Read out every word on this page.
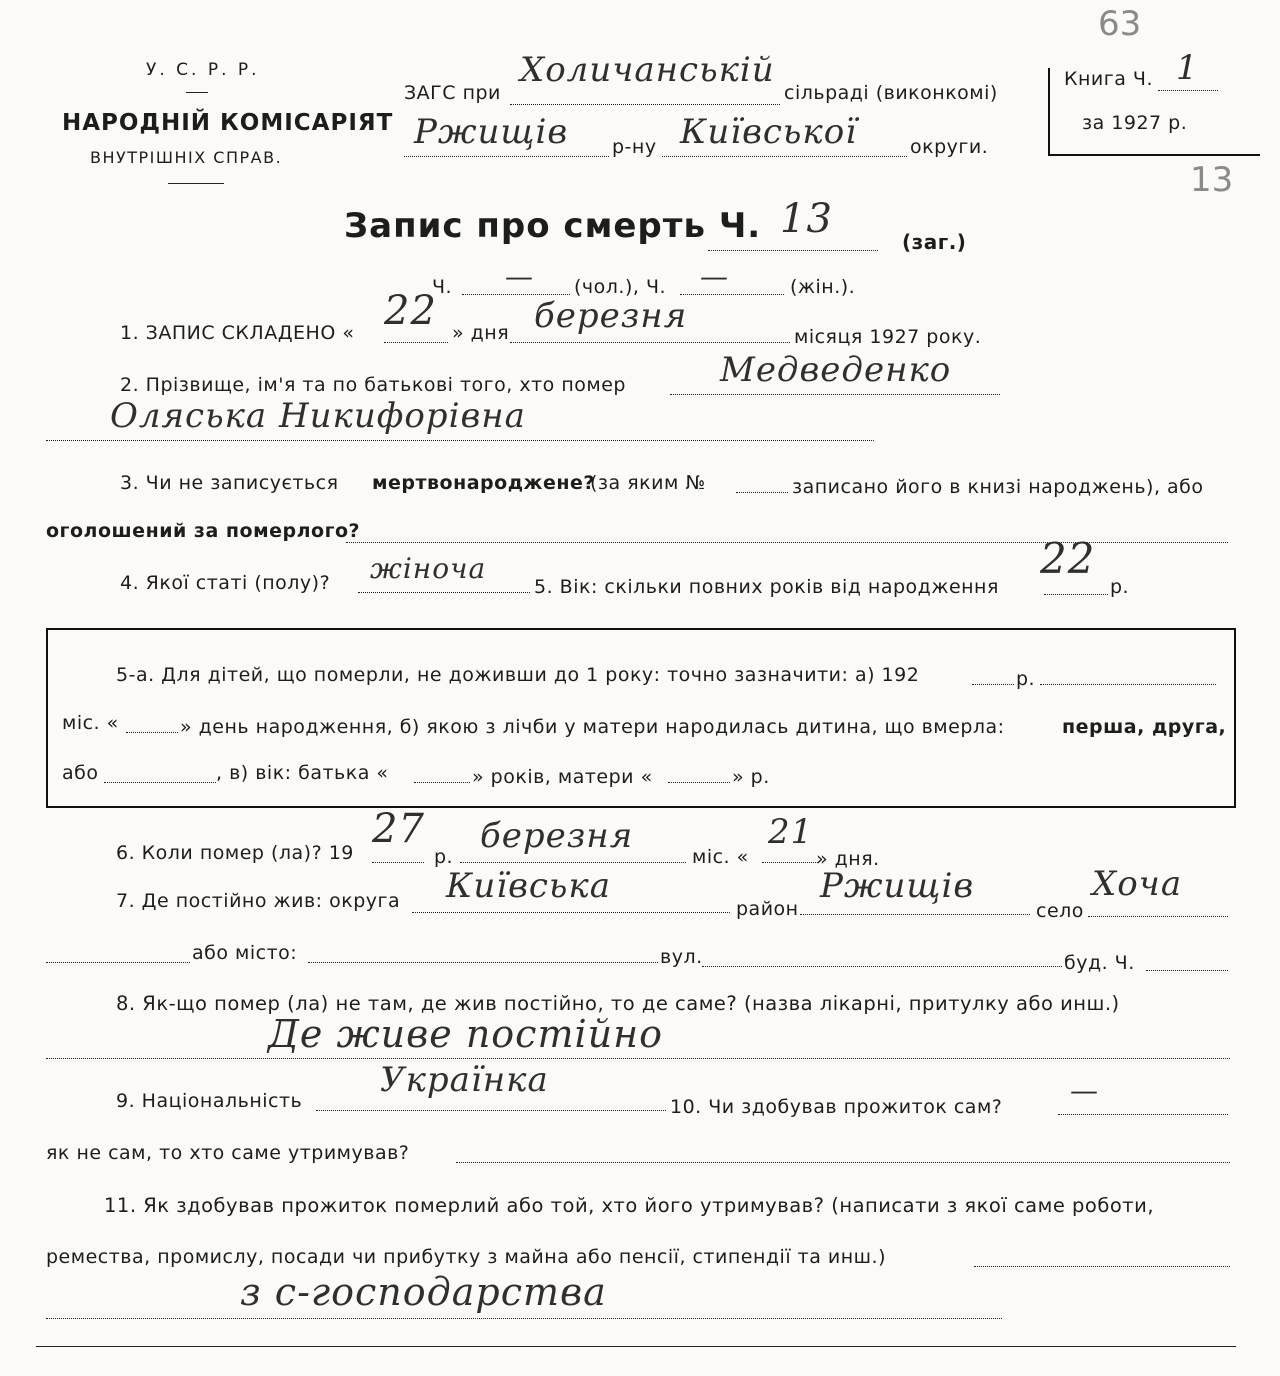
У. С. Р. Р.
НАРОДНІЙ КОМІСАРІЯТ
ВНУТРІШНІХ СПРАВ.
ЗАГС при
Холичанській
сільраді (виконкомі)
Ржищів р-ну Київської	округи.
Книга Ч. 1
за 1927 р.
63
13
Запис про смерть Ч. 13	(заг.)
Ч. — (чол.), Ч. —	(жін.).
1. ЗАПИС СКЛАДЕНО « 22 » дня березня
місяця 1927 року.
2. Прізвище, ім'я та по батькові того, хто помер	Медведенко
Оляська Никифорівна
3. Чи не записується мертвонароджене?
(за яким №	записано його в книзі народжень), або
оголошений за померлого?
4. Якої статі (полу)? жіноча
5. Вік: скільки повних років від народження
22
р.
5-а. Для дітей, що померли, не доживши до 1 року: точно зазначити: а) 192	р.
міс. «	» день народження, б) якою з лічби у матери народилась дитина, що вмерла:	перша, друга,
або	, в) вік: батька «	» років, матери «	» р.
6. Коли помер (ла)? 19
27
р.
березня
міс. «
21
» дня.
7. Де постійно жив: округа Київська
район
Ржищів
село
Хоча
або місто:	вул.	буд. Ч.
8. Як-що помер (ла) не там, де жив постійно, то де саме? (назва лікарні, притулку або инш.)
Де живе постійно
9. Національність
Українка
10. Чи здобував прожиток сам? —
як не сам, то хто саме утримував?
11. Як здобував прожиток померлий або той, хто його утримував? (написати з якої саме роботи,
ремества, промислу, посади чи прибутку з майна або пенсії, стипендії та инш.)
з с-господарства
